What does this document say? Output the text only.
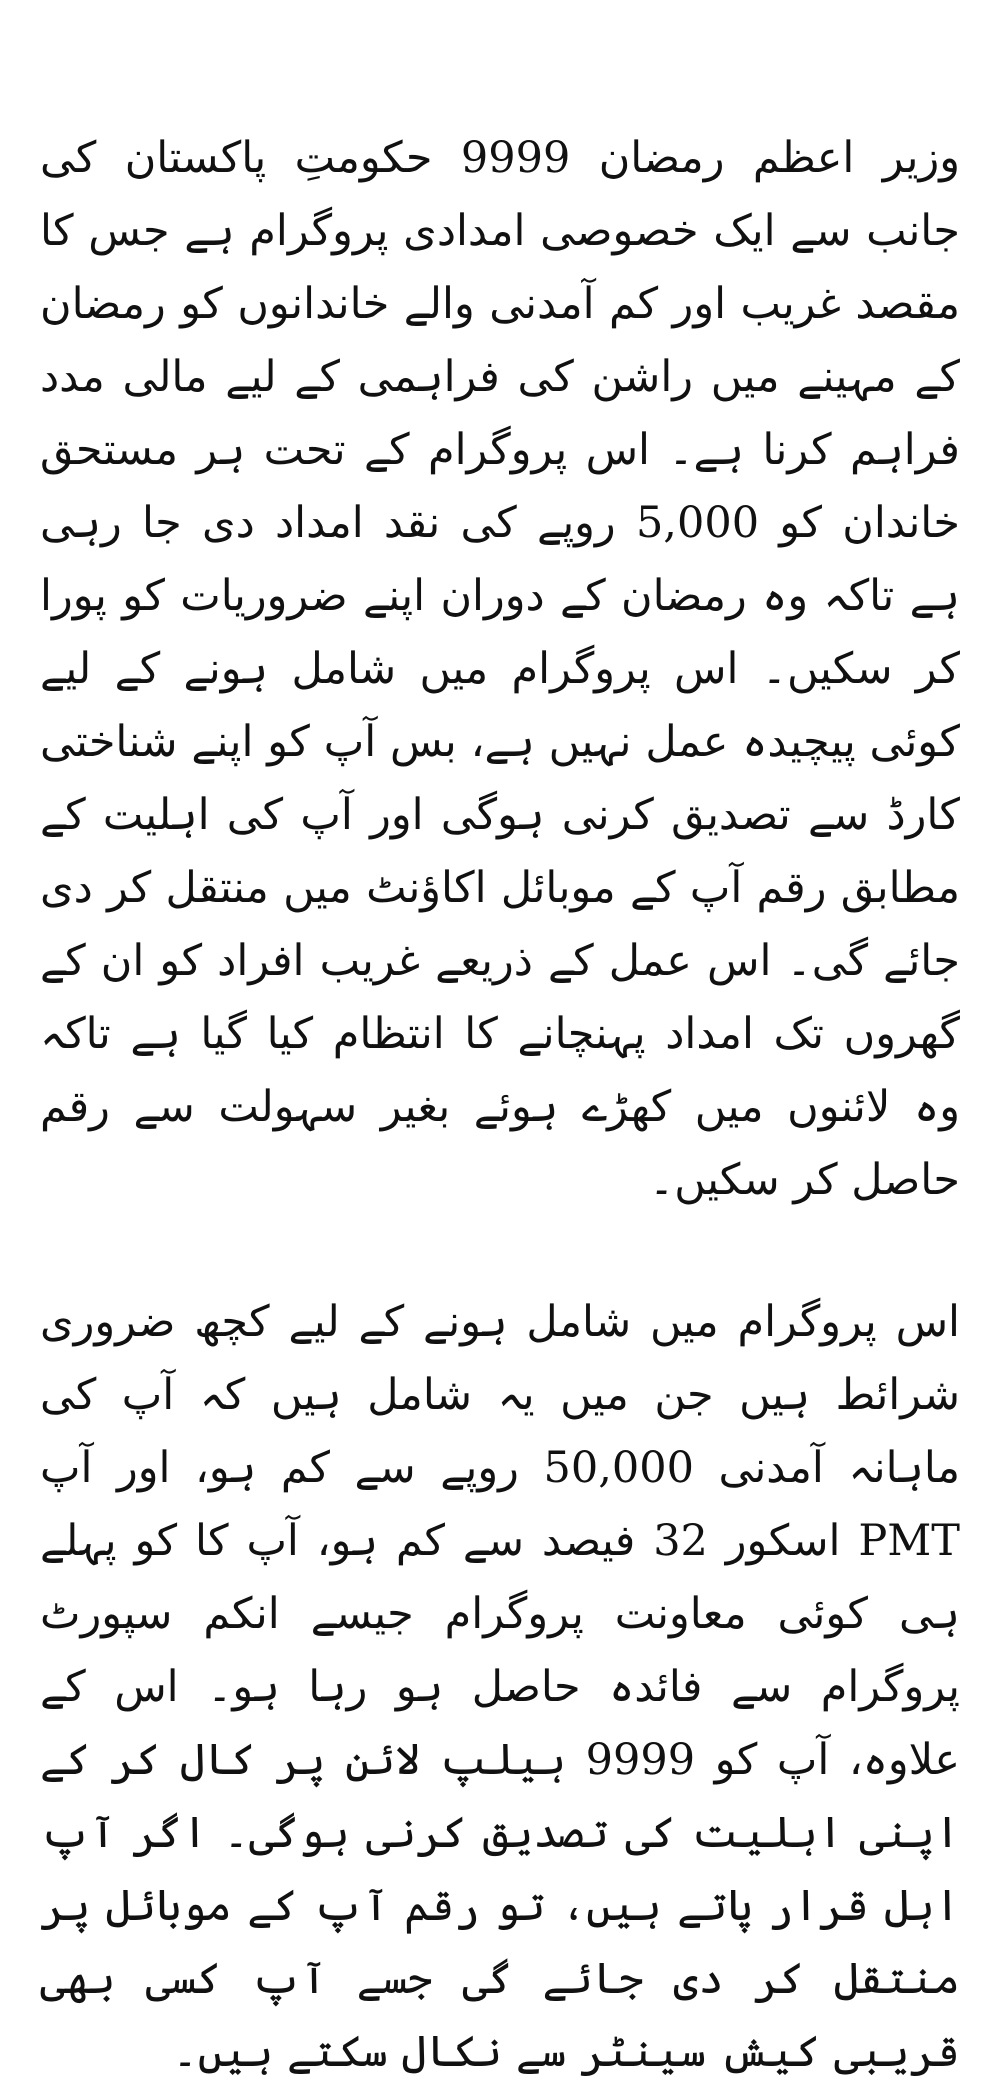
وزیر اعظم رمضان 9999 حکومتِ پاکستان کی جانب سے ایک خصوصی امدادی پروگرام ہے جس کا مقصد غریب اور کم آمدنی والے خاندانوں کو رمضان کے مہینے میں راشن کی فراہمی کے لیے مالی مدد فراہم کرنا ہے۔ اس پروگرام کے تحت ہر مستحق خاندان کو 5,000 روپے کی نقد امداد دی جا رہی ہے تاکہ وہ رمضان کے دوران اپنے ضروریات کو پورا کر سکیں۔ اس پروگرام میں شامل ہونے کے لیے کوئی پیچیدہ عمل نہیں ہے، بس آپ کو اپنے شناختی کارڈ سے تصدیق کرنی ہوگی اور آپ کی اہلیت کے مطابق رقم آپ کے موبائل اکاؤنٹ میں منتقل کر دی جائے گی۔ اس عمل کے ذریعے غریب افراد کو ان کے گھروں تک امداد پہنچانے کا انتظام کیا گیا ہے تاکہ وہ لائنوں میں کھڑے ہوئے بغیر سہولت سے رقم حاصل کر سکیں۔

اس پروگرام میں شامل ہونے کے لیے کچھ ضروری شرائط ہیں جن میں یہ شامل ہیں کہ آپ کی ماہانہ آمدنی 50,000 روپے سے کم ہو، اور آپ PMT اسکور 32 فیصد سے کم ہو، آپ کا کو پہلے ہی کوئی معاونت پروگرام جیسے انکم سپورٹ پروگرام سے فائدہ حاصل ہو رہا ہو۔ اس کے علاوہ، آپ کو 9999 ہیلپ لائن پر کال کر کے اپنی اہلیت کی تصدیق کرنی ہوگی۔ اگر آپ اہل قرار پاتے ہیں، تو رقم آپ کے موبائل پر منتقل کر دی جائے گی جسے آپ کسی بھی قریبی کیش سینٹر سے نکال سکتے ہیں۔
